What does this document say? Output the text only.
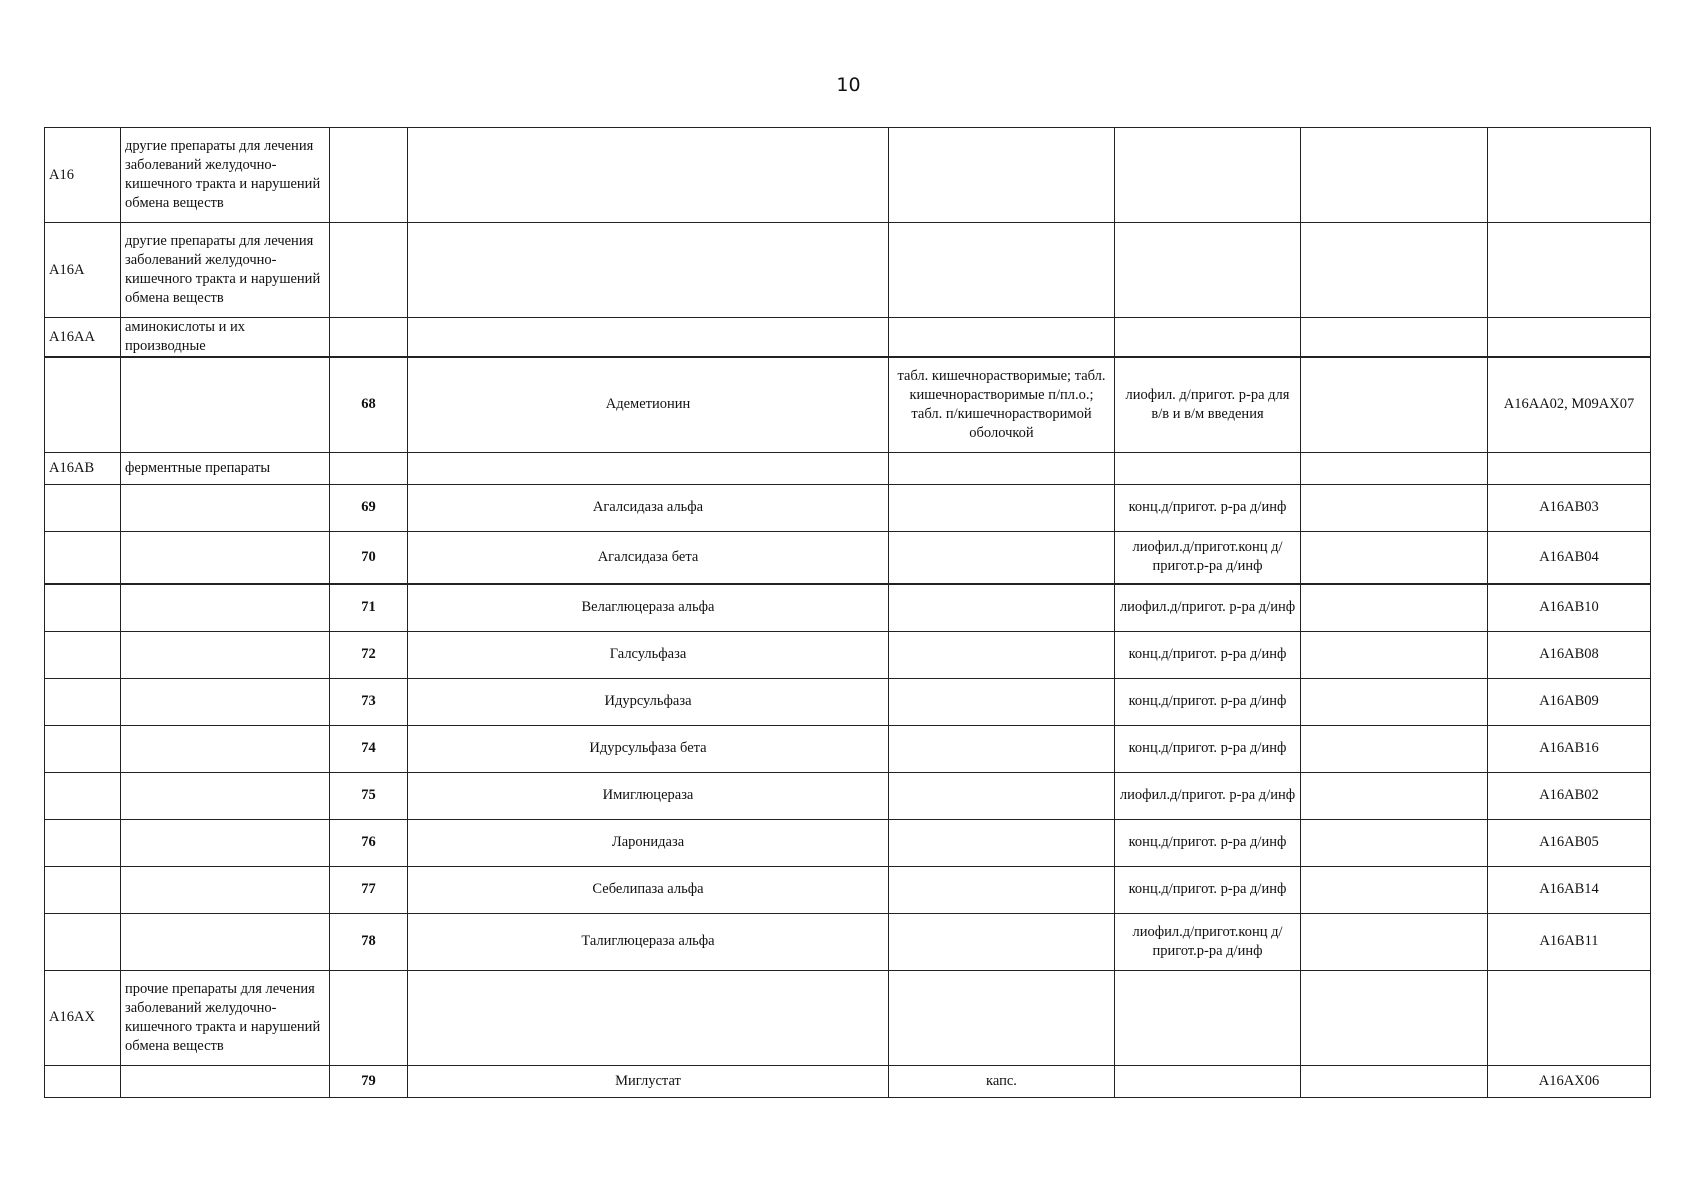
10
A16	другие препараты для лечения заболеваний желудочно-кишечного тракта и нарушений обмена веществ						
A16A	другие препараты для лечения заболеваний желудочно-кишечного тракта и нарушений обмена веществ						
A16AA	аминокислоты и их производные						
		68	Адеметионин	табл. кишечнорастворимые; табл. кишечнорастворимые п/пл.о.; табл. п/кишечнорастворимой оболочкой	лиофил. д/пригот. р-ра для в/в и в/м введения		A16AA02, M09AX07
A16AB	ферментные препараты						
		69	Агалсидаза альфа		конц.д/пригот. р-ра д/инф		A16AB03
		70	Агалсидаза бета		лиофил.д/пригот.конц д/пригот.р-ра д/инф		A16AB04
		71	Велаглюцераза альфа		лиофил.д/пригот. р-ра д/инф		A16AB10
		72	Галсульфаза		конц.д/пригот. р-ра д/инф		A16AB08
		73	Идурсульфаза		конц.д/пригот. р-ра д/инф		A16AB09
		74	Идурсульфаза бета		конц.д/пригот. р-ра д/инф		A16AB16
		75	Имиглюцераза		лиофил.д/пригот. р-ра д/инф		A16AB02
		76	Ларонидаза		конц.д/пригот. р-ра д/инф		A16AB05
		77	Себелипаза альфа		конц.д/пригот. р-ра д/инф		A16AB14
		78	Талиглюцераза альфа		лиофил.д/пригот.конц д/пригот.р-ра д/инф		A16AB11
A16AX	прочие препараты для лечения заболеваний желудочно-кишечного тракта и нарушений обмена веществ						
		79	Миглустат	капс.			A16AX06
